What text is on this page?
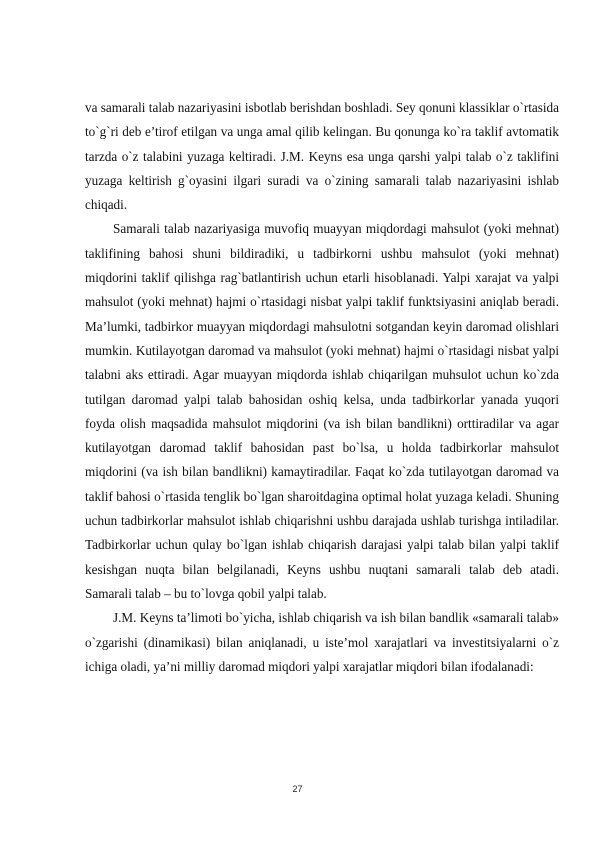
va samarali talab nazariyasini isbotlab berishdan boshladi. Sey qonuni klassiklar o`rtasida to`g`ri deb e’tirof etilgan va unga amal qilib kelingan. Bu qonunga ko`ra taklif avtomatik tarzda o`z talabini yuzaga keltiradi. J.M. Keyns esa unga qarshi yalpi talab o`z taklifini yuzaga keltirish g`oyasini ilgari suradi va o`zining samarali talab nazariyasini ishlab chiqadi.

Samarali talab nazariyasiga muvofiq muayyan miqdordagi mahsulot (yoki mehnat) taklifining bahosi shuni bildiradiki, u tadbirkorni ushbu mahsulot (yoki mehnat) miqdorini taklif qilishga rag`batlantirish uchun etarli hisoblanadi. Yalpi xarajat va yalpi mahsulot (yoki mehnat) hajmi o`rtasidagi nisbat yalpi taklif funktsiyasini aniqlab beradi. Ma’lumki, tadbirkor muayyan miqdordagi mahsulotni sotgandan keyin daromad olishlari mumkin. Kutilayotgan daromad va mahsulot (yoki mehnat) hajmi o`rtasidagi nisbat yalpi talabni aks ettiradi. Agar muayyan miqdorda ishlab chiqarilgan muhsulot uchun ko`zda tutilgan daromad yalpi talab bahosidan oshiq kelsa, unda tadbirkorlar yanada yuqori foyda olish maqsadida mahsulot miqdorini (va ish bilan bandlikni) orttiradilar va agar kutilayotgan daromad taklif bahosidan past bo`lsa, u holda tadbirkorlar mahsulot miqdorini (va ish bilan bandlikni) kamaytiradilar. Faqat ko`zda tutilayotgan daromad va taklif bahosi o`rtasida tenglik bo`lgan sharoitdagina optimal holat yuzaga keladi. Shuning uchun tadbirkorlar mahsulot ishlab chiqarishni ushbu darajada ushlab turishga intiladilar. Tadbirkorlar uchun qulay bo`lgan ishlab chiqarish darajasi yalpi talab bilan yalpi taklif kesishgan nuqta bilan belgilanadi, Keyns ushbu nuqtani samarali talab deb atadi. Samarali talab – bu to`lovga qobil yalpi talab.

J.M. Keyns ta’limoti bo`yicha, ishlab chiqarish va ish bilan bandlik «samarali talab» o`zgarishi (dinamikasi) bilan aniqlanadi, u iste’mol xarajatlari va investitsiyalarni o`z ichiga oladi, ya’ni milliy daromad miqdori yalpi xarajatlar miqdori bilan ifodalanadi:

27
